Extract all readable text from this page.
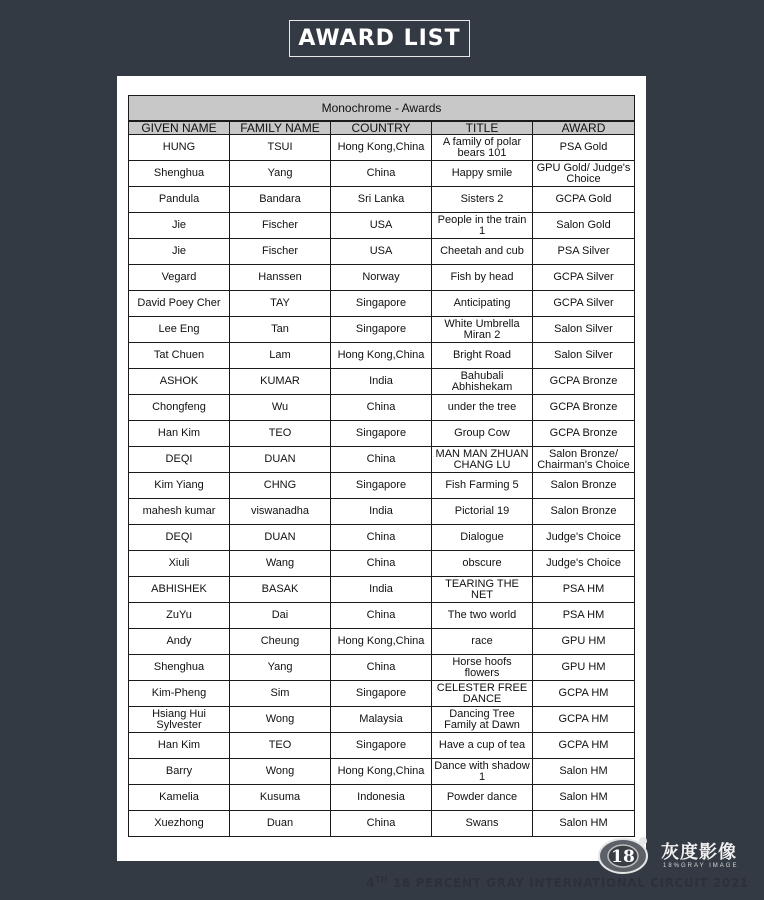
AWARD LIST
Monochrome - Awards				
GIVEN NAME	FAMILY NAME	COUNTRY	TITLE	AWARD
HUNG	TSUI	Hong Kong,China	A family of polar bears 101	PSA Gold
Shenghua	Yang	China	Happy smile	GPU Gold/ Judge's Choice
Pandula	Bandara	Sri Lanka	Sisters 2	GCPA Gold
Jie	Fischer	USA	People in the train 1	Salon Gold
Jie	Fischer	USA	Cheetah and cub	PSA Silver
Vegard	Hanssen	Norway	Fish by head	GCPA Silver
David Poey Cher	TAY	Singapore	Anticipating	GCPA Silver
Lee Eng	Tan	Singapore	White Umbrella Miran 2	Salon Silver
Tat Chuen	Lam	Hong Kong,China	Bright Road	Salon Silver
ASHOK	KUMAR	India	Bahubali Abhishekam	GCPA Bronze
Chongfeng	Wu	China	under the tree	GCPA Bronze
Han Kim	TEO	Singapore	Group Cow	GCPA Bronze
DEQI	DUAN	China	MAN MAN ZHUAN CHANG LU	Salon Bronze/ Chairman's Choice
Kim Yiang	CHNG	Singapore	Fish Farming 5	Salon Bronze
mahesh kumar	viswanadha	India	Pictorial 19	Salon Bronze
DEQI	DUAN	China	Dialogue	Judge's Choice
Xiuli	Wang	China	obscure	Judge's Choice
ABHISHEK	BASAK	India	TEARING THE NET	PSA HM
ZuYu	Dai	China	The two world	PSA HM
Andy	Cheung	Hong Kong,China	race	GPU HM
Shenghua	Yang	China	Horse hoofs flowers	GPU HM
Kim-Pheng	Sim	Singapore	CELESTER FREE DANCE	GCPA HM
Hsiang Hui Sylvester	Wong	Malaysia	Dancing Tree Family at Dawn	GCPA HM
Han Kim	TEO	Singapore	Have a cup of tea	GCPA HM
Barry	Wong	Hong Kong,China	Dance with shadow 1	Salon HM
Kamelia	Kusuma	Indonesia	Powder dance	Salon HM
Xuezhong	Duan	China	Swans	Salon HM
4TH 18 PERCENT GRAY INTERNATIONAL CIRCUIT 2021
18 灰度影像
18%GRAY IMAGE
